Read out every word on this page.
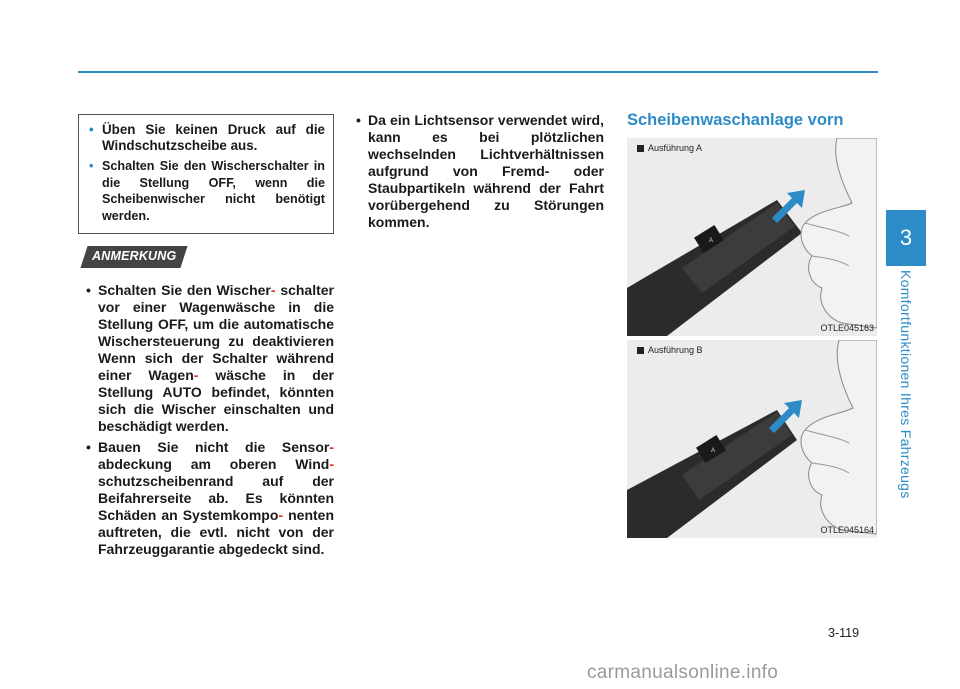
3
Komfortfunktionen Ihres Fahrzeugs
• Üben Sie keinen Druck auf die Windschutzscheibe aus.
• Schalten Sie den Wischerschalter in die Stellung OFF, wenn die Scheibenwischer nicht benötigt werden.
ANMERKUNG
• Schalten Sie den Wischer- schalter vor einer Wagenwäsche in die Stellung OFF, um die automatische Wischersteuerung zu deaktivieren Wenn sich der Schalter während einer Wagen- wäsche in der Stellung AUTO befindet, könnten sich die Wischer einschalten und beschädigt werden.
• Bauen Sie nicht die Sensor- abdeckung am oberen Wind- schutzscheibenrand auf der Beifahrerseite ab. Es könnten Schäden an Systemkompo- nenten auftreten, die evtl. nicht von der Fahrzeuggarantie abgedeckt sind.
• Da ein Lichtsensor verwendet wird, kann es bei plötzlichen wechselnden Lichtverhältnissen aufgrund von Fremd- oder Staubpartikeln während der Fahrt vorübergehend zu Störungen kommen.
Scheibenwaschanlage vorn
A
Ausführung A
OTLE045163
A
Ausführung B
OTLE045164
3-119
carmanualsonline.info
